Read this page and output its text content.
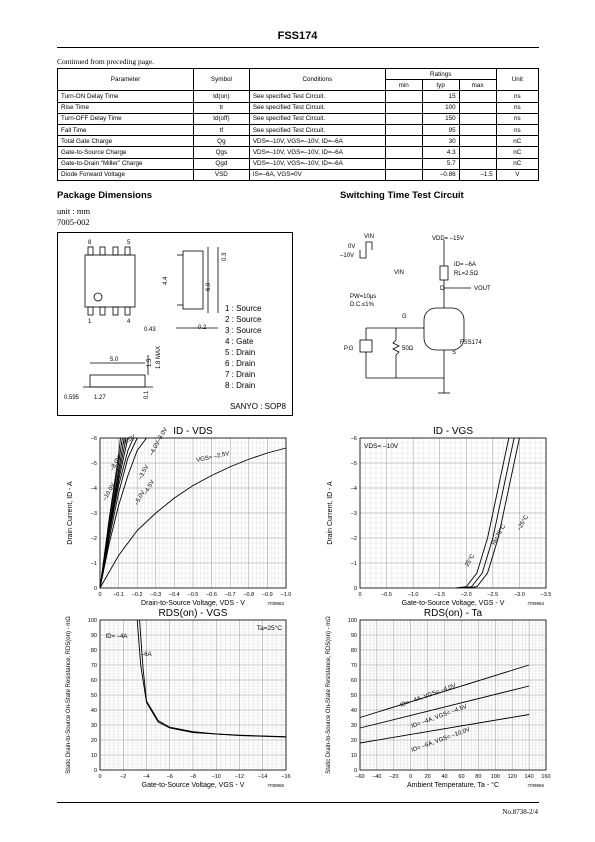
FSS174
Continued from preceding page.
Parameter	Symbol	Conditions	Ratings			Unit
			min	typ	max	
Turn-ON Delay Time	td(on)	See specified Test Circuit.		15		ns
Rise Time	tr	See specified Test Circuit.		100		ns
Turn-OFF Delay Time	td(off)	See specified Test Circuit.		150		ns
Fall Time	tf	See specified Test Circuit.		95		ns
Total Gate Charge	Qg	VDS=–10V, VGS=–10V, ID=–6A		30		nC
Gate-to-Source Charge	Qgs	VDS=–10V, VGS=–10V, ID=–6A		4.3		nC
Gate-to-Drain “Miller” Charge	Qgd	VDS=–10V, VGS=–10V, ID=–6A		5.7		nC
Diode Forward Voltage	VSD	IS=–6A, VGS=0V		–0.86	–1.5	V
Package Dimensions
unit : mm
7005-002
8	5
1	4
0.43
4.4
6.0
0.3
0.2
5.0	1.5 1.8 MAX
0.1
0.595 1.27
1 : Source
2 : Source
3 : Source
4 : Gate
5 : Drain
6 : Drain
7 : Drain
8 : Drain
SANYO : SOP8
Switching Time Test Circuit
VIN
0V
–10V
VDD= –15V
VIN
ID= –6A
RL=2.5Ω
VOUT
PW=10μs
D.C.≤1%
G
D
S
FSS174
50Ω
P.G
ID - VDS
0 –0.1 –0.2 –0.3 –0.4 –0.5 –0.6 –0.7 –0.8 –0.9 –1.0
0
–1
–2
–3
–4
–5
–6
Drain-to-Source Voltage, VDS - V	IT09963
Drain Current, ID - A
–6.0V
–8.0V
–10.0V
–4.0V
–3.5V
–3.0V
–4.5V
–5.0V
VGS= –2.5V
ID - VGS
0	–0.5	–1.0	–1.5	–2.0	–2.5	–3.0	–3.5
0
–1
–2
–3
–4
–5
–6
Gate-to-Source Voltage, VGS - V	IT09964
Drain Current, ID - A
VDS= –10V
Ta=75°C
–25°C
25°C
RDS(on) - VGS
0	–2	–4	–6	–8	–10	–12	–14	–16
0
10
20
30
40
50
60
70
80
90
100
Gate-to-Source Voltage, VGS - V	IT09965
Static Drain-to-Source On-State Resistance, RDS(on) - mΩ	Ta=25°C
ID= –4A
–6A
RDS(on) - Ta
–60 –40 –20 0 20 40 60 80 100 120 140 160
0
10
20
30
40
50
60
70
80
90
100
Ambient Temperature, Ta - °C	IT09966
Static Drain-to-Source On-State Resistance, RDS(on) - mΩ	ID= –4A, VGS= –4.0V
ID= –4A, VGS= –4.5V
ID= –6A, VGS= –10.0V
No.8738-2/4
